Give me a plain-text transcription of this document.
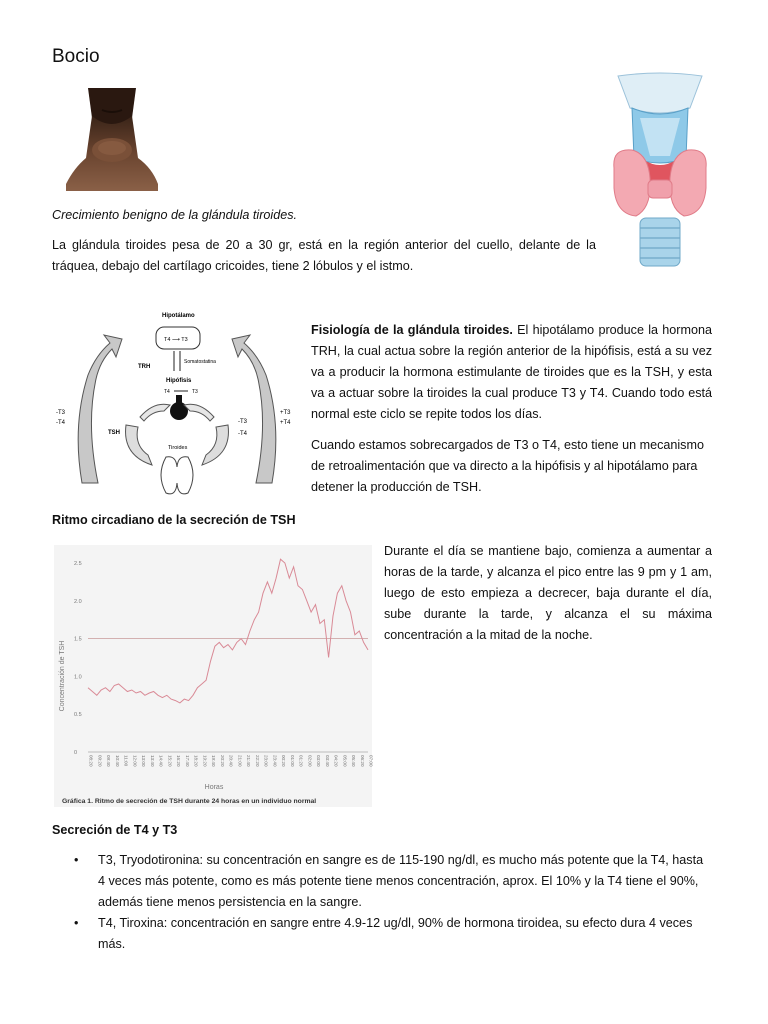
Bocio
Crecimiento benigno de la glándula tiroides.

La glándula tiroides pesa de 20 a 30 gr, está en la región anterior del cuello, delante de la tráquea, debajo del cartílago cricoides, tiene 2 lóbulos y el istmo.

Hipotálamo
T4 ⟶ T3
Somatostatina
TRH
Hipófisis
T4	T3
TSH
Tiroides
-T3
-T4
+T3
+T4
-T3
-T4

Fisiología de la glándula tiroides. El hipotálamo produce la hormona TRH, la cual actua sobre la región anterior de la hipófisis, está a su vez va a producir la hormona estimulante de tiroides que es la TSH, y esta va a actuar sobre la tiroides la cual produce T3 y T4. Cuando todo está normal este ciclo se repite todos los días.

Cuando estamos sobrecargados de T3 o T4, esto tiene un mecanismo de retroalimentación que va directo a la hipófisis y al hipotálamo para detener la producción de TSH.

Ritmo circadiano de la secreción de TSH
0
0.5
1.0
1.5
2.0
2.5
08:20 09:20 09:40 10:40 11:00 12:00 13:00 13:40 14:40 15:20 16:20 17:40 18:20 19:20 19:40 20:20 20:40 21:00 21:40 22:20 23:00 23:40 00:20 01:00 01:20 02:00 03:00 03:40 04:20 05:00 05:40 06:20 07:00
Concentración de TSH
Horas
Gráfica 1. Ritmo de secreción de TSH durante 24 horas en un individuo normal

Durante el día se mantiene bajo, comienza a aumentar a horas de la tarde, y alcanza el pico entre las 9 pm y 1 am, luego de esto empieza a decrecer, baja durante el día, sube durante la tarde, y alcanza el su máxima concentración a la mitad de la noche.

Secreción de T4 y T3
• T3, Tryodotironina: su concentración en sangre es de 115-190 ng/dl, es mucho más potente que la T4, hasta 4 veces más potente, como es más potente tiene menos concentración, aprox. El 10% y la T4 tiene el 90%, además tiene menos persistencia en la sangre.
• T4, Tiroxina: concentración en sangre entre 4.9-12 ug/dl, 90% de hormona tiroidea, su efecto dura 4 veces más.
